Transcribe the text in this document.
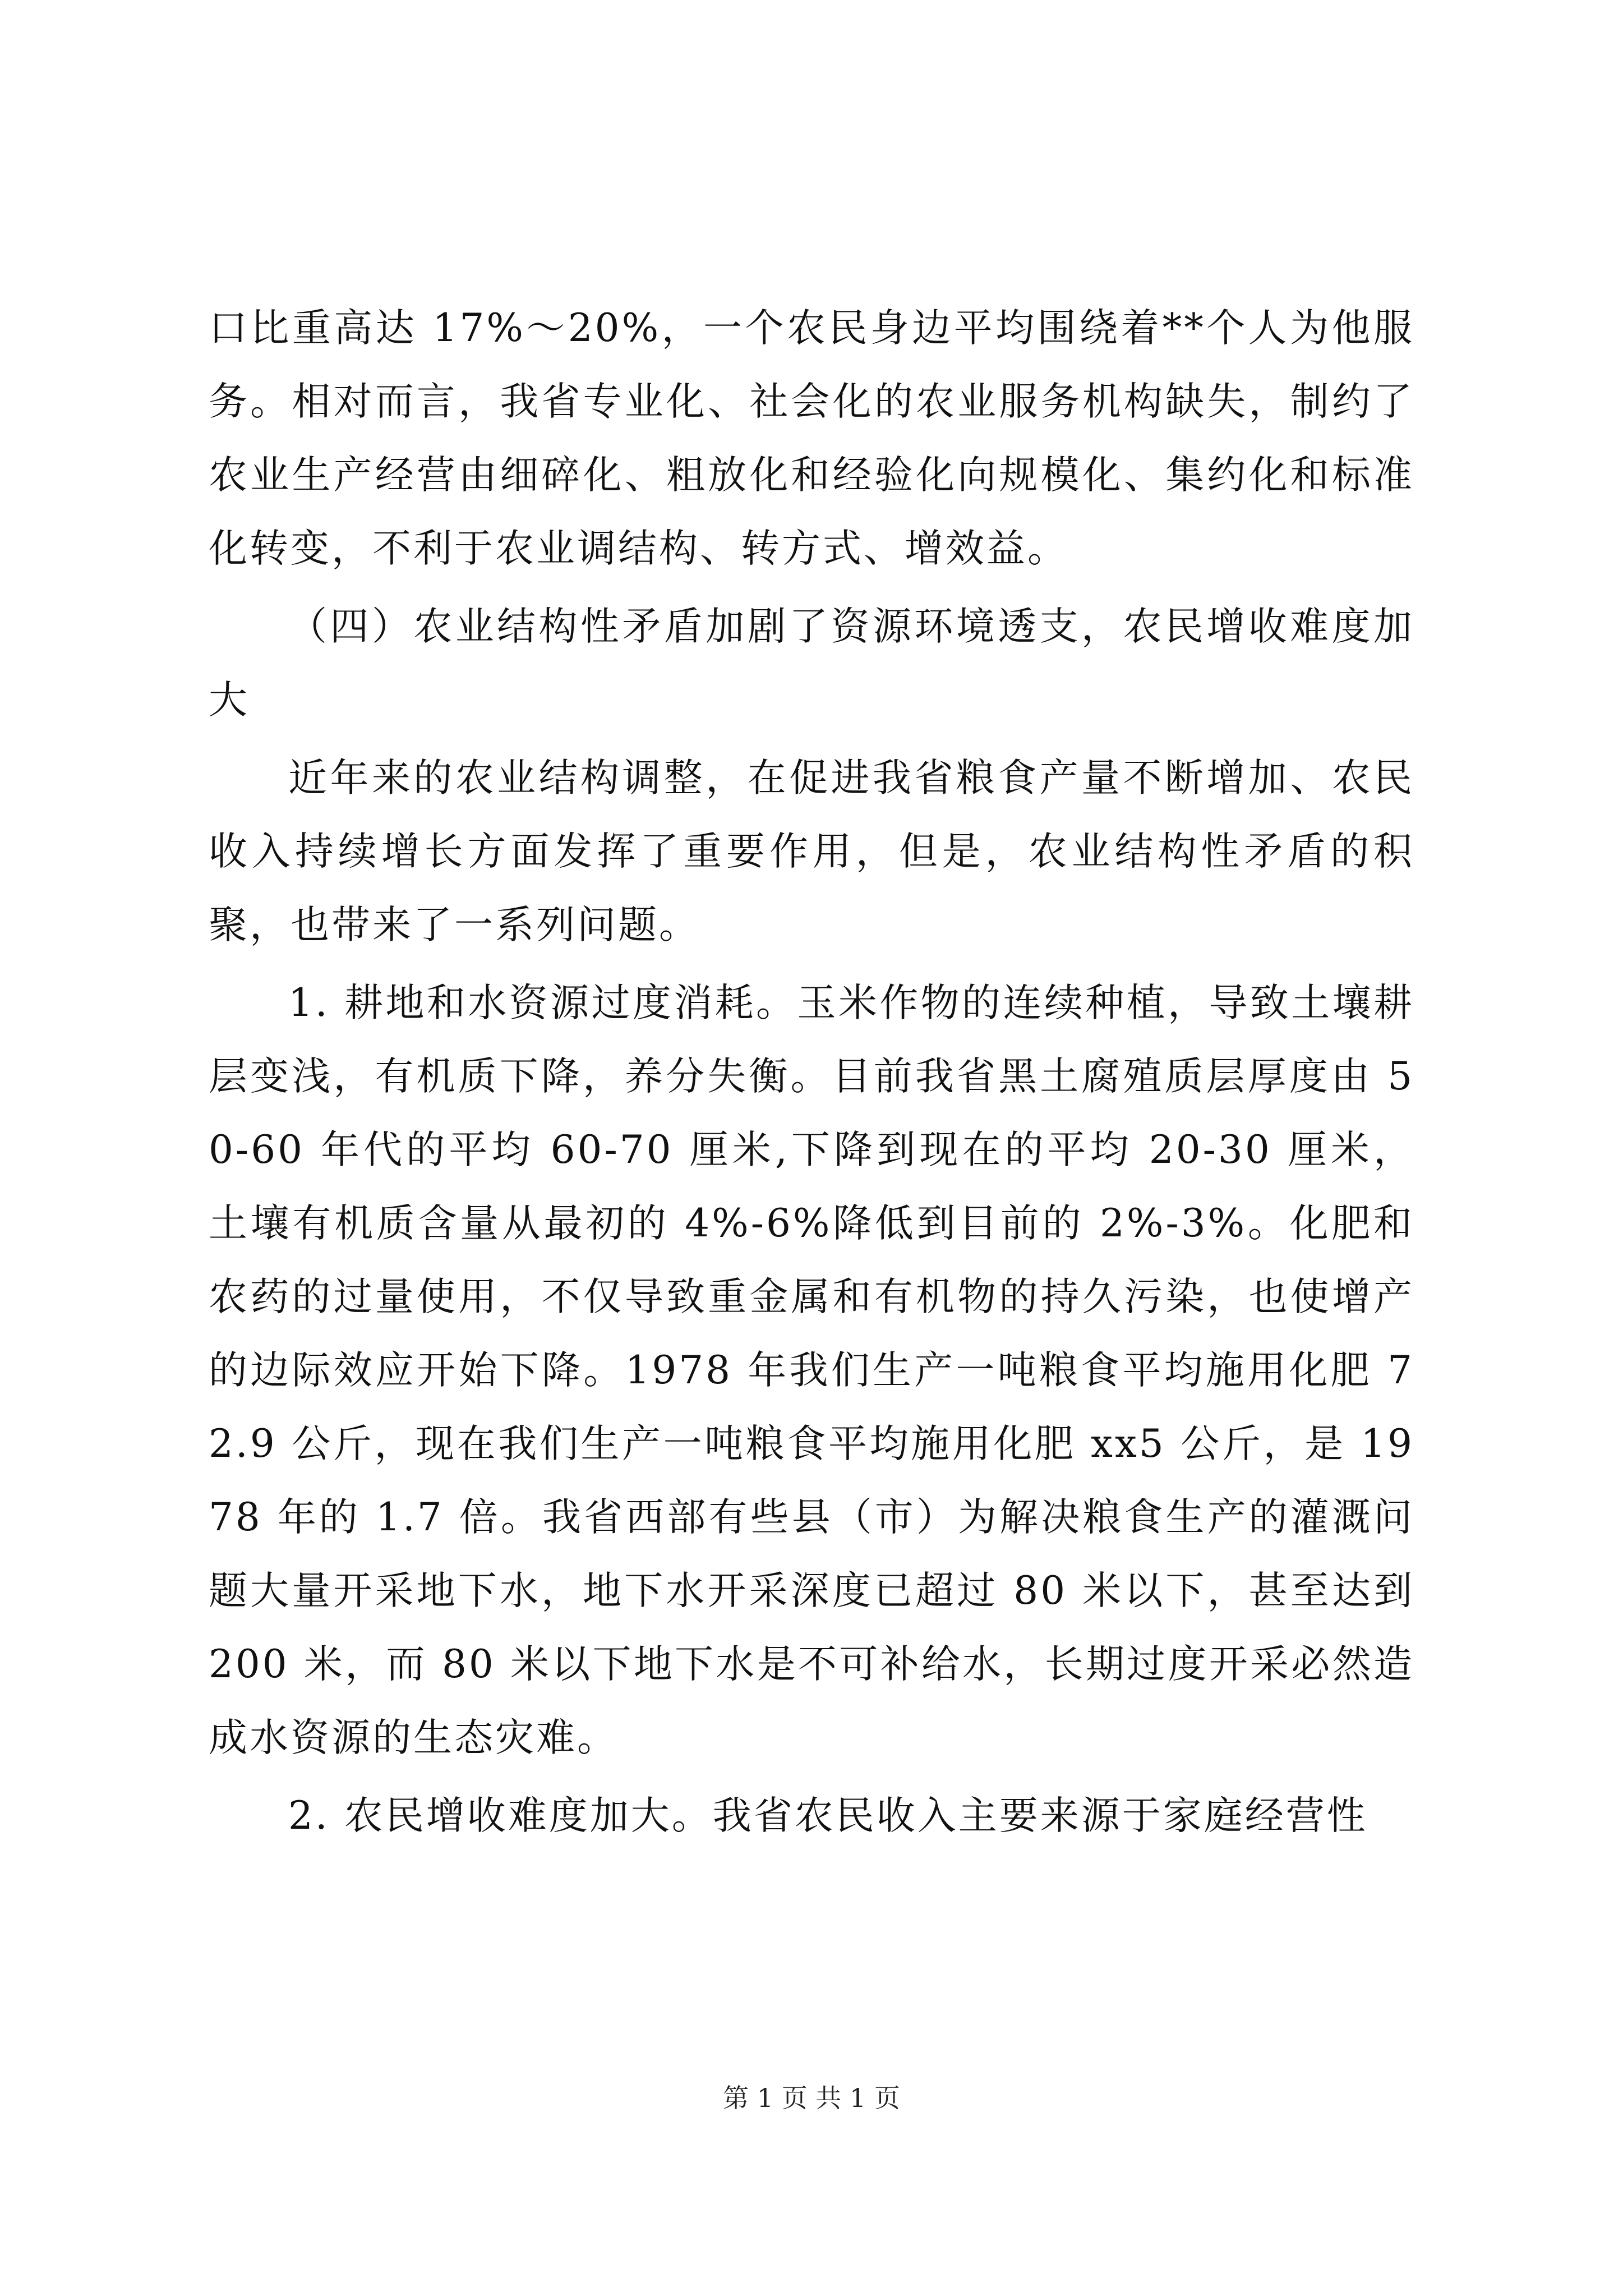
口比重高达 17%～20%，一个农民身边平均围绕着**个人为他服务。相对而言，我省专业化、社会化的农业服务机构缺失，制约了农业生产经营由细碎化、粗放化和经验化向规模化、集约化和标准化转变，不利于农业调结构、转方式、增效益。

（四）农业结构性矛盾加剧了资源环境透支，农民增收难度加大

近年来的农业结构调整，在促进我省粮食产量不断增加、农民收入持续增长方面发挥了重要作用，但是，农业结构性矛盾的积聚，也带来了一系列问题。

1. 耕地和水资源过度消耗。玉米作物的连续种植，导致土壤耕层变浅，有机质下降，养分失衡。目前我省黑土腐殖质层厚度由 50-60 年代的平均 60-70 厘米,下降到现在的平均 20-30 厘米，土壤有机质含量从最初的 4%-6%降低到目前的 2%-3%。化肥和农药的过量使用，不仅导致重金属和有机物的持久污染，也使增产的边际效应开始下降。1978 年我们生产一吨粮食平均施用化肥 72.9 公斤，现在我们生产一吨粮食平均施用化肥 xx5 公斤，是 1978 年的 1.7 倍。我省西部有些县（市）为解决粮食生产的灌溉问题大量开采地下水，地下水开采深度已超过 80 米以下，甚至达到 200 米，而 80 米以下地下水是不可补给水，长期过度开采必然造成水资源的生态灾难。

2. 农民增收难度加大。我省农民收入主要来源于家庭经营性

第 1 页 共 1 页
